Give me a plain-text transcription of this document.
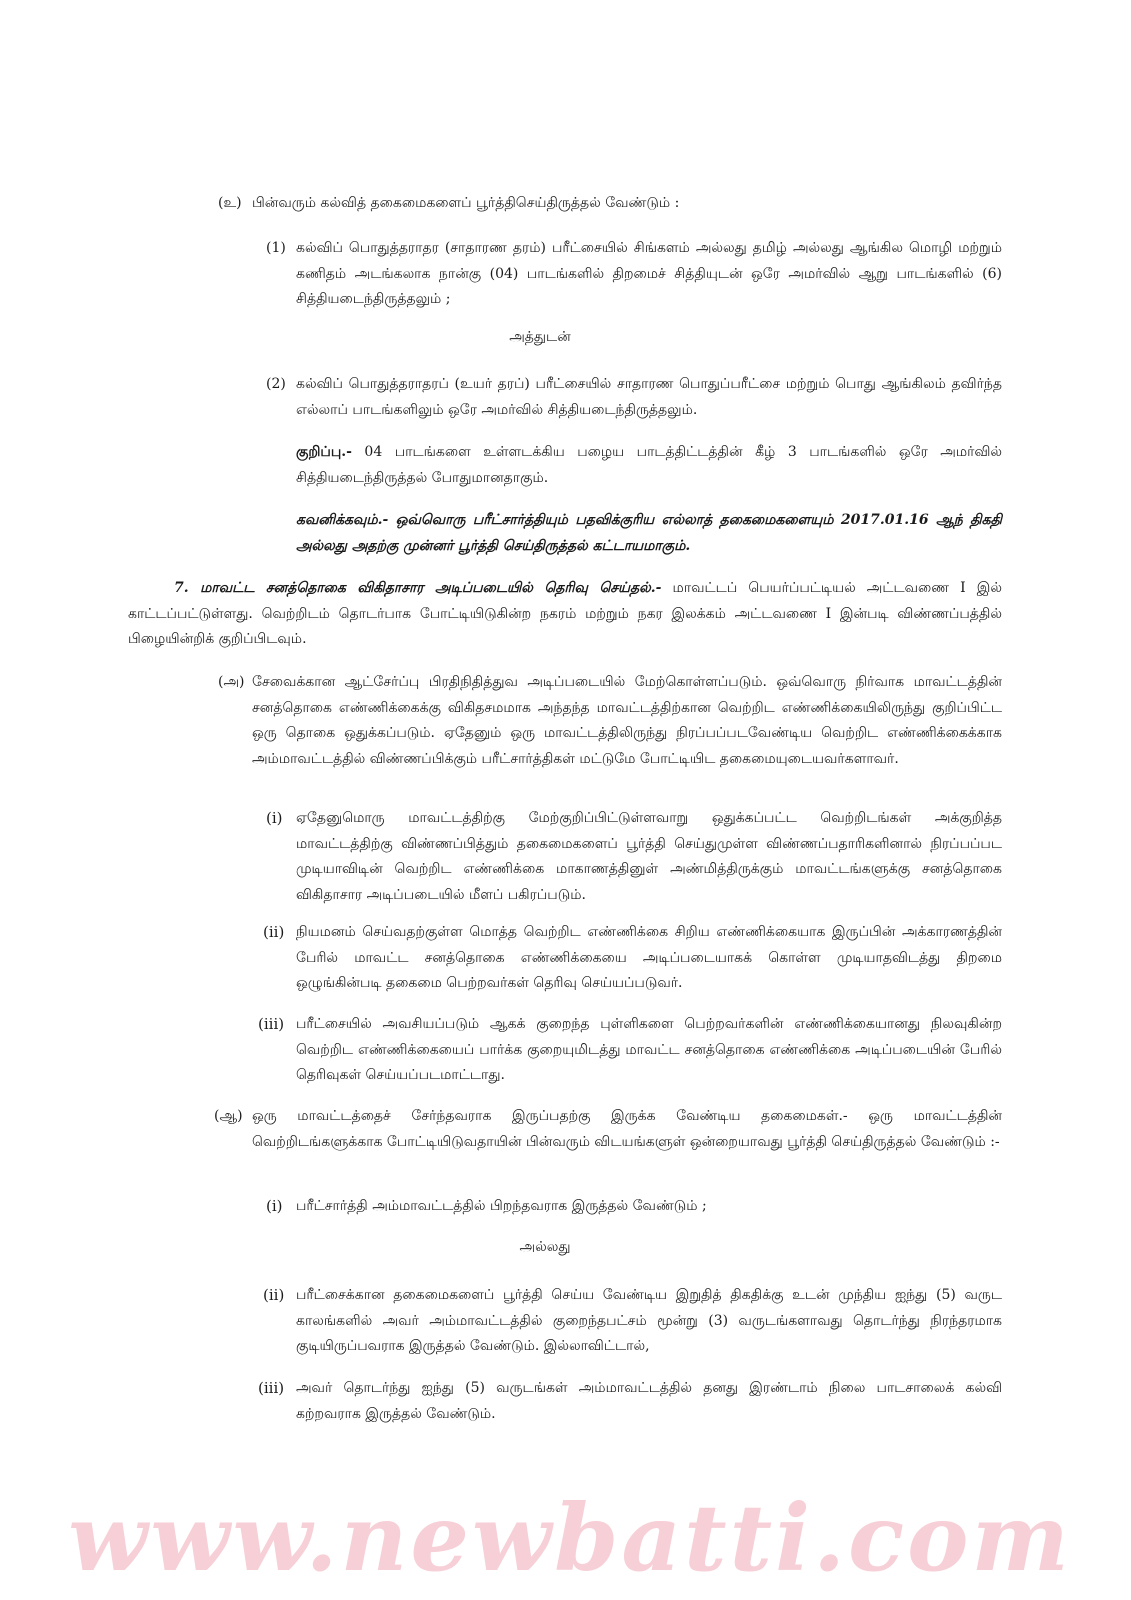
(உ) பின்வரும் கல்வித் தகைமைகளைப் பூர்த்திசெய்திருத்தல் வேண்டும் :
(1) கல்விப் பொதுத்தராதர (சாதாரண தரம்) பரீட்சையில் சிங்களம் அல்லது தமிழ் அல்லது ஆங்கில மொழி மற்றும் கணிதம் அடங்கலாக நான்கு (04) பாடங்களில் திறமைச் சித்தியுடன் ஒரே அமர்வில் ஆறு பாடங்களில் (6) சித்தியடைந்திருத்தலும் ;
அத்துடன்
(2) கல்விப் பொதுத்தராதரப் (உயர் தரப்) பரீட்சையில் சாதாரண பொதுப்பரீட்சை மற்றும் பொது ஆங்கிலம் தவிர்ந்த எல்லாப் பாடங்களிலும் ஒரே அமர்வில் சித்தியடைந்திருத்தலும்.
குறிப்பு.- 04 பாடங்களை உள்ளடக்கிய பழைய பாடத்திட்டத்தின் கீழ் 3 பாடங்களில் ஒரே அமர்வில் சித்தியடைந்திருத்தல் போதுமானதாகும்.
கவனிக்கவும்.- ஒவ்வொரு பரீட்சார்த்தியும் பதவிக்குரிய எல்லாத் தகைமைகளையும் 2017.01.16 ஆந் திகதி அல்லது அதற்கு முன்னர் பூர்த்தி செய்திருத்தல் கட்டாயமாகும்.
7. மாவட்ட சனத்தொகை விகிதாசார அடிப்படையில் தெரிவு செய்தல்.- மாவட்டப் பெயர்ப்பட்டியல் அட்டவணை I இல் காட்டப்பட்டுள்ளது. வெற்றிடம் தொடர்பாக போட்டியிடுகின்ற நகரம் மற்றும் நகர இலக்கம் அட்டவணை I இன்படி விண்ணப்பத்தில் பிழையின்றிக் குறிப்பிடவும்.
(அ) சேவைக்கான ஆட்சேர்ப்பு பிரதிநிதித்துவ அடிப்படையில் மேற்கொள்ளப்படும். ஒவ்வொரு நிர்வாக மாவட்டத்தின் சனத்தொகை எண்ணிக்கைக்கு விகிதசமமாக அந்தந்த மாவட்டத்திற்கான வெற்றிட எண்ணிக்கையிலிருந்து குறிப்பிட்ட ஒரு தொகை ஒதுக்கப்படும். ஏதேனும் ஒரு மாவட்டத்திலிருந்து நிரப்பப்படவேண்டிய வெற்றிட எண்ணிக்கைக்காக அம்மாவட்டத்தில் விண்ணப்பிக்கும் பரீட்சார்த்திகள் மட்டுமே போட்டியிட தகைமையுடையவர்களாவர்.
(i) ஏதேனுமொரு மாவட்டத்திற்கு மேற்குறிப்பிட்டுள்ளவாறு ஒதுக்கப்பட்ட வெற்றிடங்கள் அக்குறித்த மாவட்டத்திற்கு விண்ணப்பித்தும் தகைமைகளைப் பூர்த்தி செய்துமுள்ள விண்ணப்பதாரிகளினால் நிரப்பப்பட முடியாவிடின் வெற்றிட எண்ணிக்கை மாகாணத்தினுள் அண்மித்திருக்கும் மாவட்டங்களுக்கு சனத்தொகை விகிதாசார அடிப்படையில் மீளப் பகிரப்படும்.
(ii) நியமனம் செய்வதற்குள்ள மொத்த வெற்றிட எண்ணிக்கை சிறிய எண்ணிக்கையாக இருப்பின் அக்காரணத்தின் பேரில் மாவட்ட சனத்தொகை எண்ணிக்கையை அடிப்படையாகக் கொள்ள முடியாதவிடத்து திறமை ஒழுங்கின்படி தகைமை பெற்றவர்கள் தெரிவு செய்யப்படுவர்.
(iii) பரீட்சையில் அவசியப்படும் ஆகக் குறைந்த புள்ளிகளை பெற்றவர்களின் எண்ணிக்கையானது நிலவுகின்ற வெற்றிட எண்ணிக்கையைப் பார்க்க குறையுமிடத்து மாவட்ட சனத்தொகை எண்ணிக்கை அடிப்படையின் பேரில் தெரிவுகள் செய்யப்படமாட்டாது.
(ஆ) ஒரு மாவட்டத்தைச் சேர்ந்தவராக இருப்பதற்கு இருக்க வேண்டிய தகைமைகள்.- ஒரு மாவட்டத்தின் வெற்றிடங்களுக்காக போட்டியிடுவதாயின் பின்வரும் விடயங்களுள் ஒன்றையாவது பூர்த்தி செய்திருத்தல் வேண்டும் :-
(i) பரீட்சார்த்தி அம்மாவட்டத்தில் பிறந்தவராக இருத்தல் வேண்டும் ;
அல்லது
(ii) பரீட்சைக்கான தகைமைகளைப் பூர்த்தி செய்ய வேண்டிய இறுதித் திகதிக்கு உடன் முந்திய ஐந்து (5) வருட காலங்களில் அவர் அம்மாவட்டத்தில் குறைந்தபட்சம் மூன்று (3) வருடங்களாவது தொடர்ந்து நிரந்தரமாக குடியிருப்பவராக இருத்தல் வேண்டும். இல்லாவிட்டால்,
(iii) அவர் தொடர்ந்து ஐந்து (5) வருடங்கள் அம்மாவட்டத்தில் தனது இரண்டாம் நிலை பாடசாலைக் கல்வி கற்றவராக இருத்தல் வேண்டும்.
www.newbatti.com
